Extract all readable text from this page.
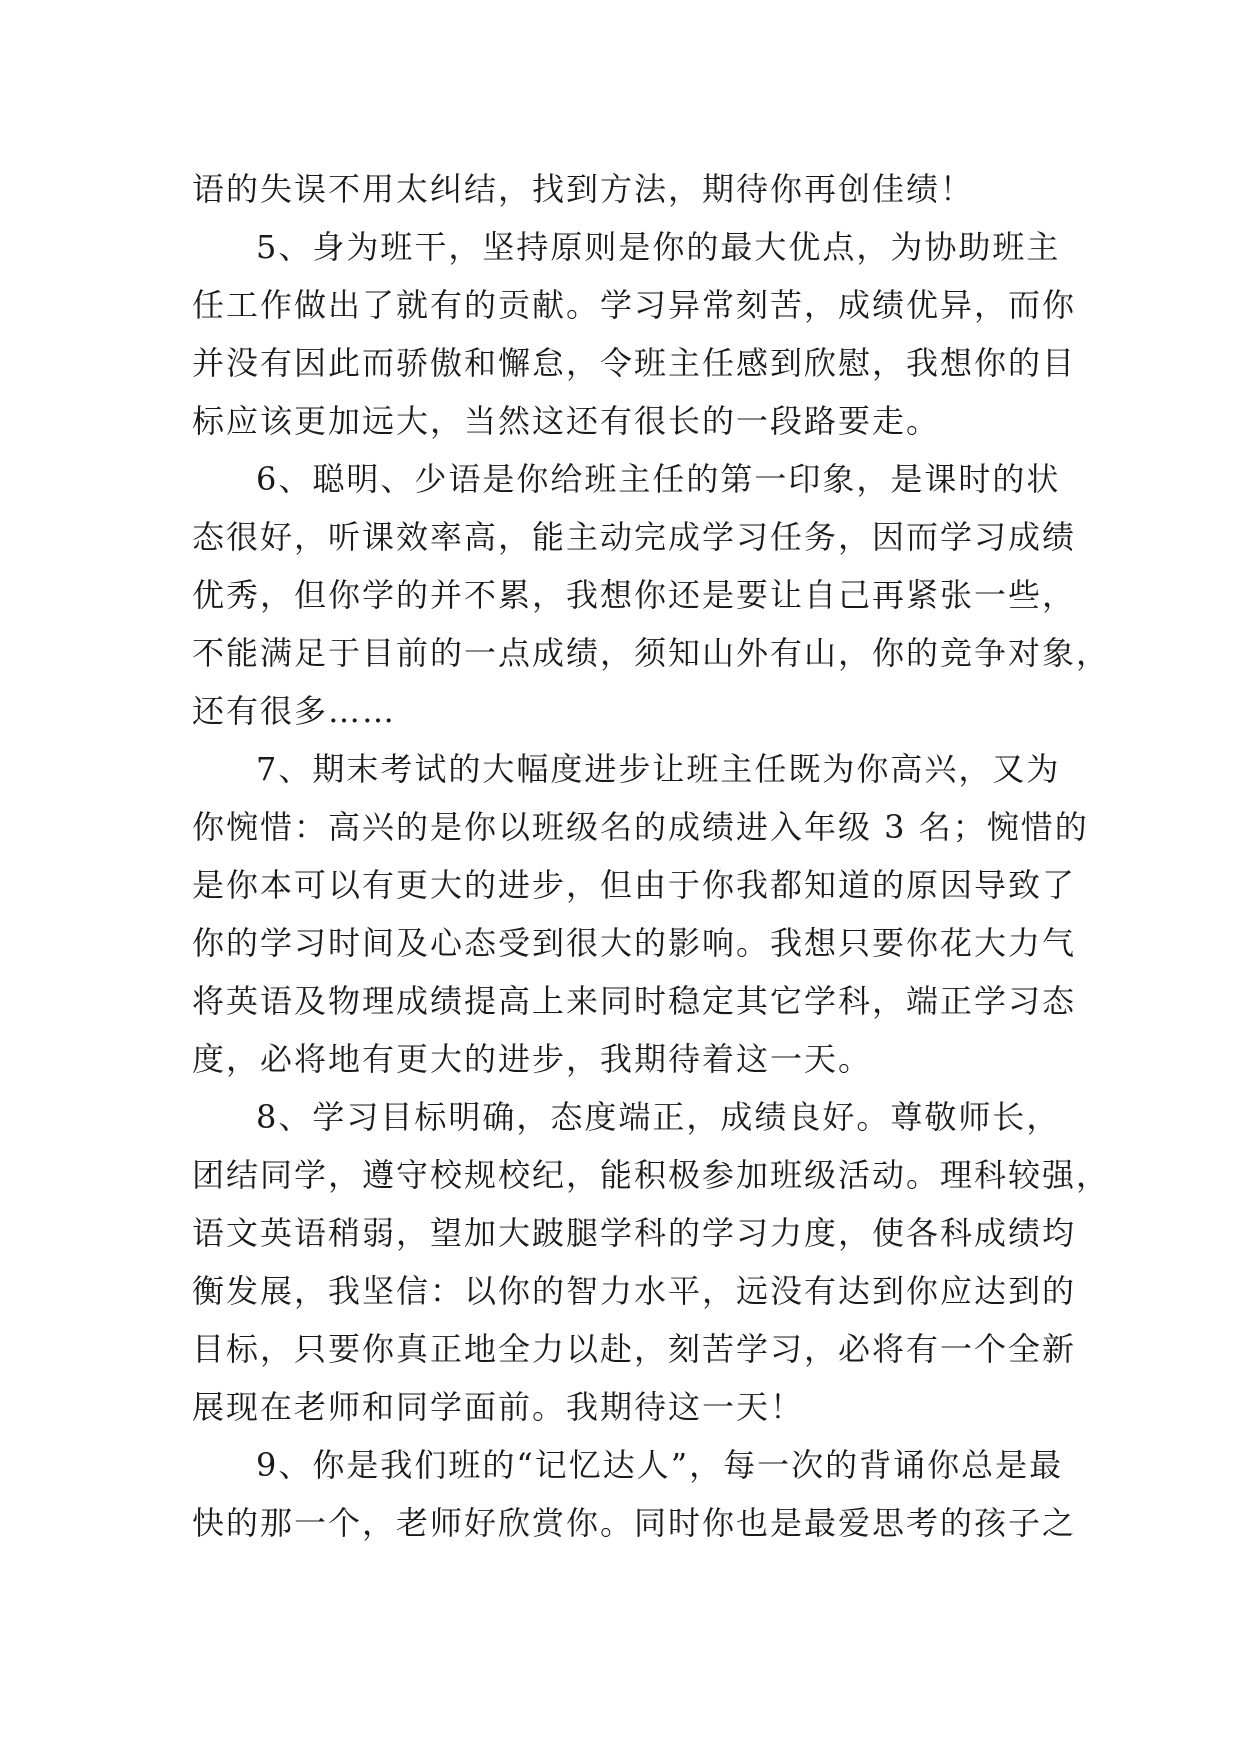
语的失误不用太纠结，找到方法，期待你再创佳绩！
5、身为班干，坚持原则是你的最大优点，为协助班主
任工作做出了就有的贡献。学习异常刻苦，成绩优异，而你
并没有因此而骄傲和懈怠，令班主任感到欣慰，我想你的目
标应该更加远大，当然这还有很长的一段路要走。
6、聪明、少语是你给班主任的第一印象，是课时的状
态很好，听课效率高，能主动完成学习任务，因而学习成绩
优秀，但你学的并不累，我想你还是要让自己再紧张一些，
不能满足于目前的一点成绩，须知山外有山，你的竞争对象，
还有很多……
7、期末考试的大幅度进步让班主任既为你高兴，又为
你惋惜：高兴的是你以班级名的成绩进入年级 3 名；惋惜的
是你本可以有更大的进步，但由于你我都知道的原因导致了
你的学习时间及心态受到很大的影响。我想只要你花大力气
将英语及物理成绩提高上来同时稳定其它学科，端正学习态
度，必将地有更大的进步，我期待着这一天。
8、学习目标明确，态度端正，成绩良好。尊敬师长，
团结同学，遵守校规校纪，能积极参加班级活动。理科较强，
语文英语稍弱，望加大跛腿学科的学习力度，使各科成绩均
衡发展，我坚信：以你的智力水平，远没有达到你应达到的
目标，只要你真正地全力以赴，刻苦学习，必将有一个全新
展现在老师和同学面前。我期待这一天！
9、你是我们班的“记忆达人”，每一次的背诵你总是最
快的那一个，老师好欣赏你。同时你也是最爱思考的孩子之
